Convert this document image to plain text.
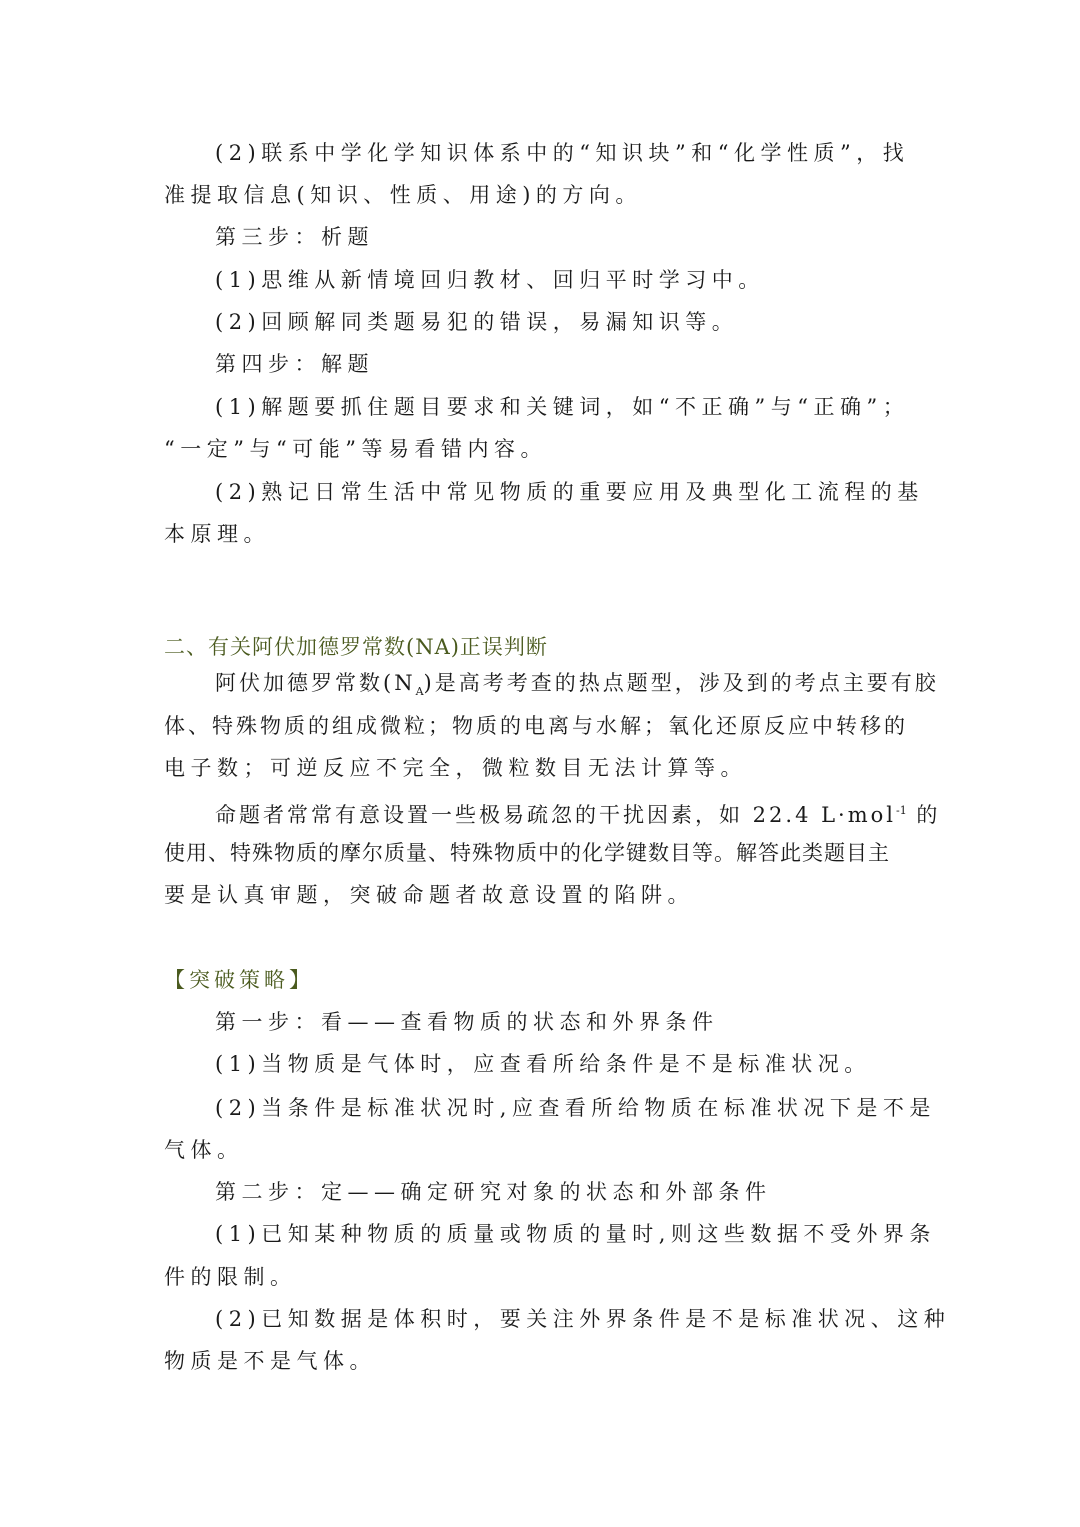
(2)联系中学化学知识体系中的“知识块”和“化学性质”，找
准提取信息(知识、性质、用途)的方向。
第三步：析题
(1)思维从新情境回归教材、回归平时学习中。
(2)回顾解同类题易犯的错误，易漏知识等。
第四步：解题
(1)解题要抓住题目要求和关键词，如“不正确”与“正确”；
“一定”与“可能”等易看错内容。
(2)熟记日常生活中常见物质的重要应用及典型化工流程的基
本原理。
二、有关阿伏加德罗常数(NA)正误判断
阿伏加德罗常数$(N_A)$是高考考查的热点题型，涉及到的考点主要有胶
体、特殊物质的组成微粒；物质的电离与水解；氧化还原反应中转移的
电子数；可逆反应不完全，微粒数目无法计算等。
命题者常常有意设置一些极易疏忽的干扰因素，如 22.4 L·mol$^{-1}$ 的
使用、特殊物质的摩尔质量、特殊物质中的化学键数目等。解答此类题目主
要是认真审题，突破命题者故意设置的陷阱。
【突破策略】
第一步：看——查看物质的状态和外界条件
(1)当物质是气体时，应查看所给条件是不是标准状况。
(2)当条件是标准状况时,应查看所给物质在标准状况下是不是
气体。
第二步：定——确定研究对象的状态和外部条件
(1)已知某种物质的质量或物质的量时,则这些数据不受外界条
件的限制。
(2)已知数据是体积时，要关注外界条件是不是标准状况、这种
物质是不是气体。
